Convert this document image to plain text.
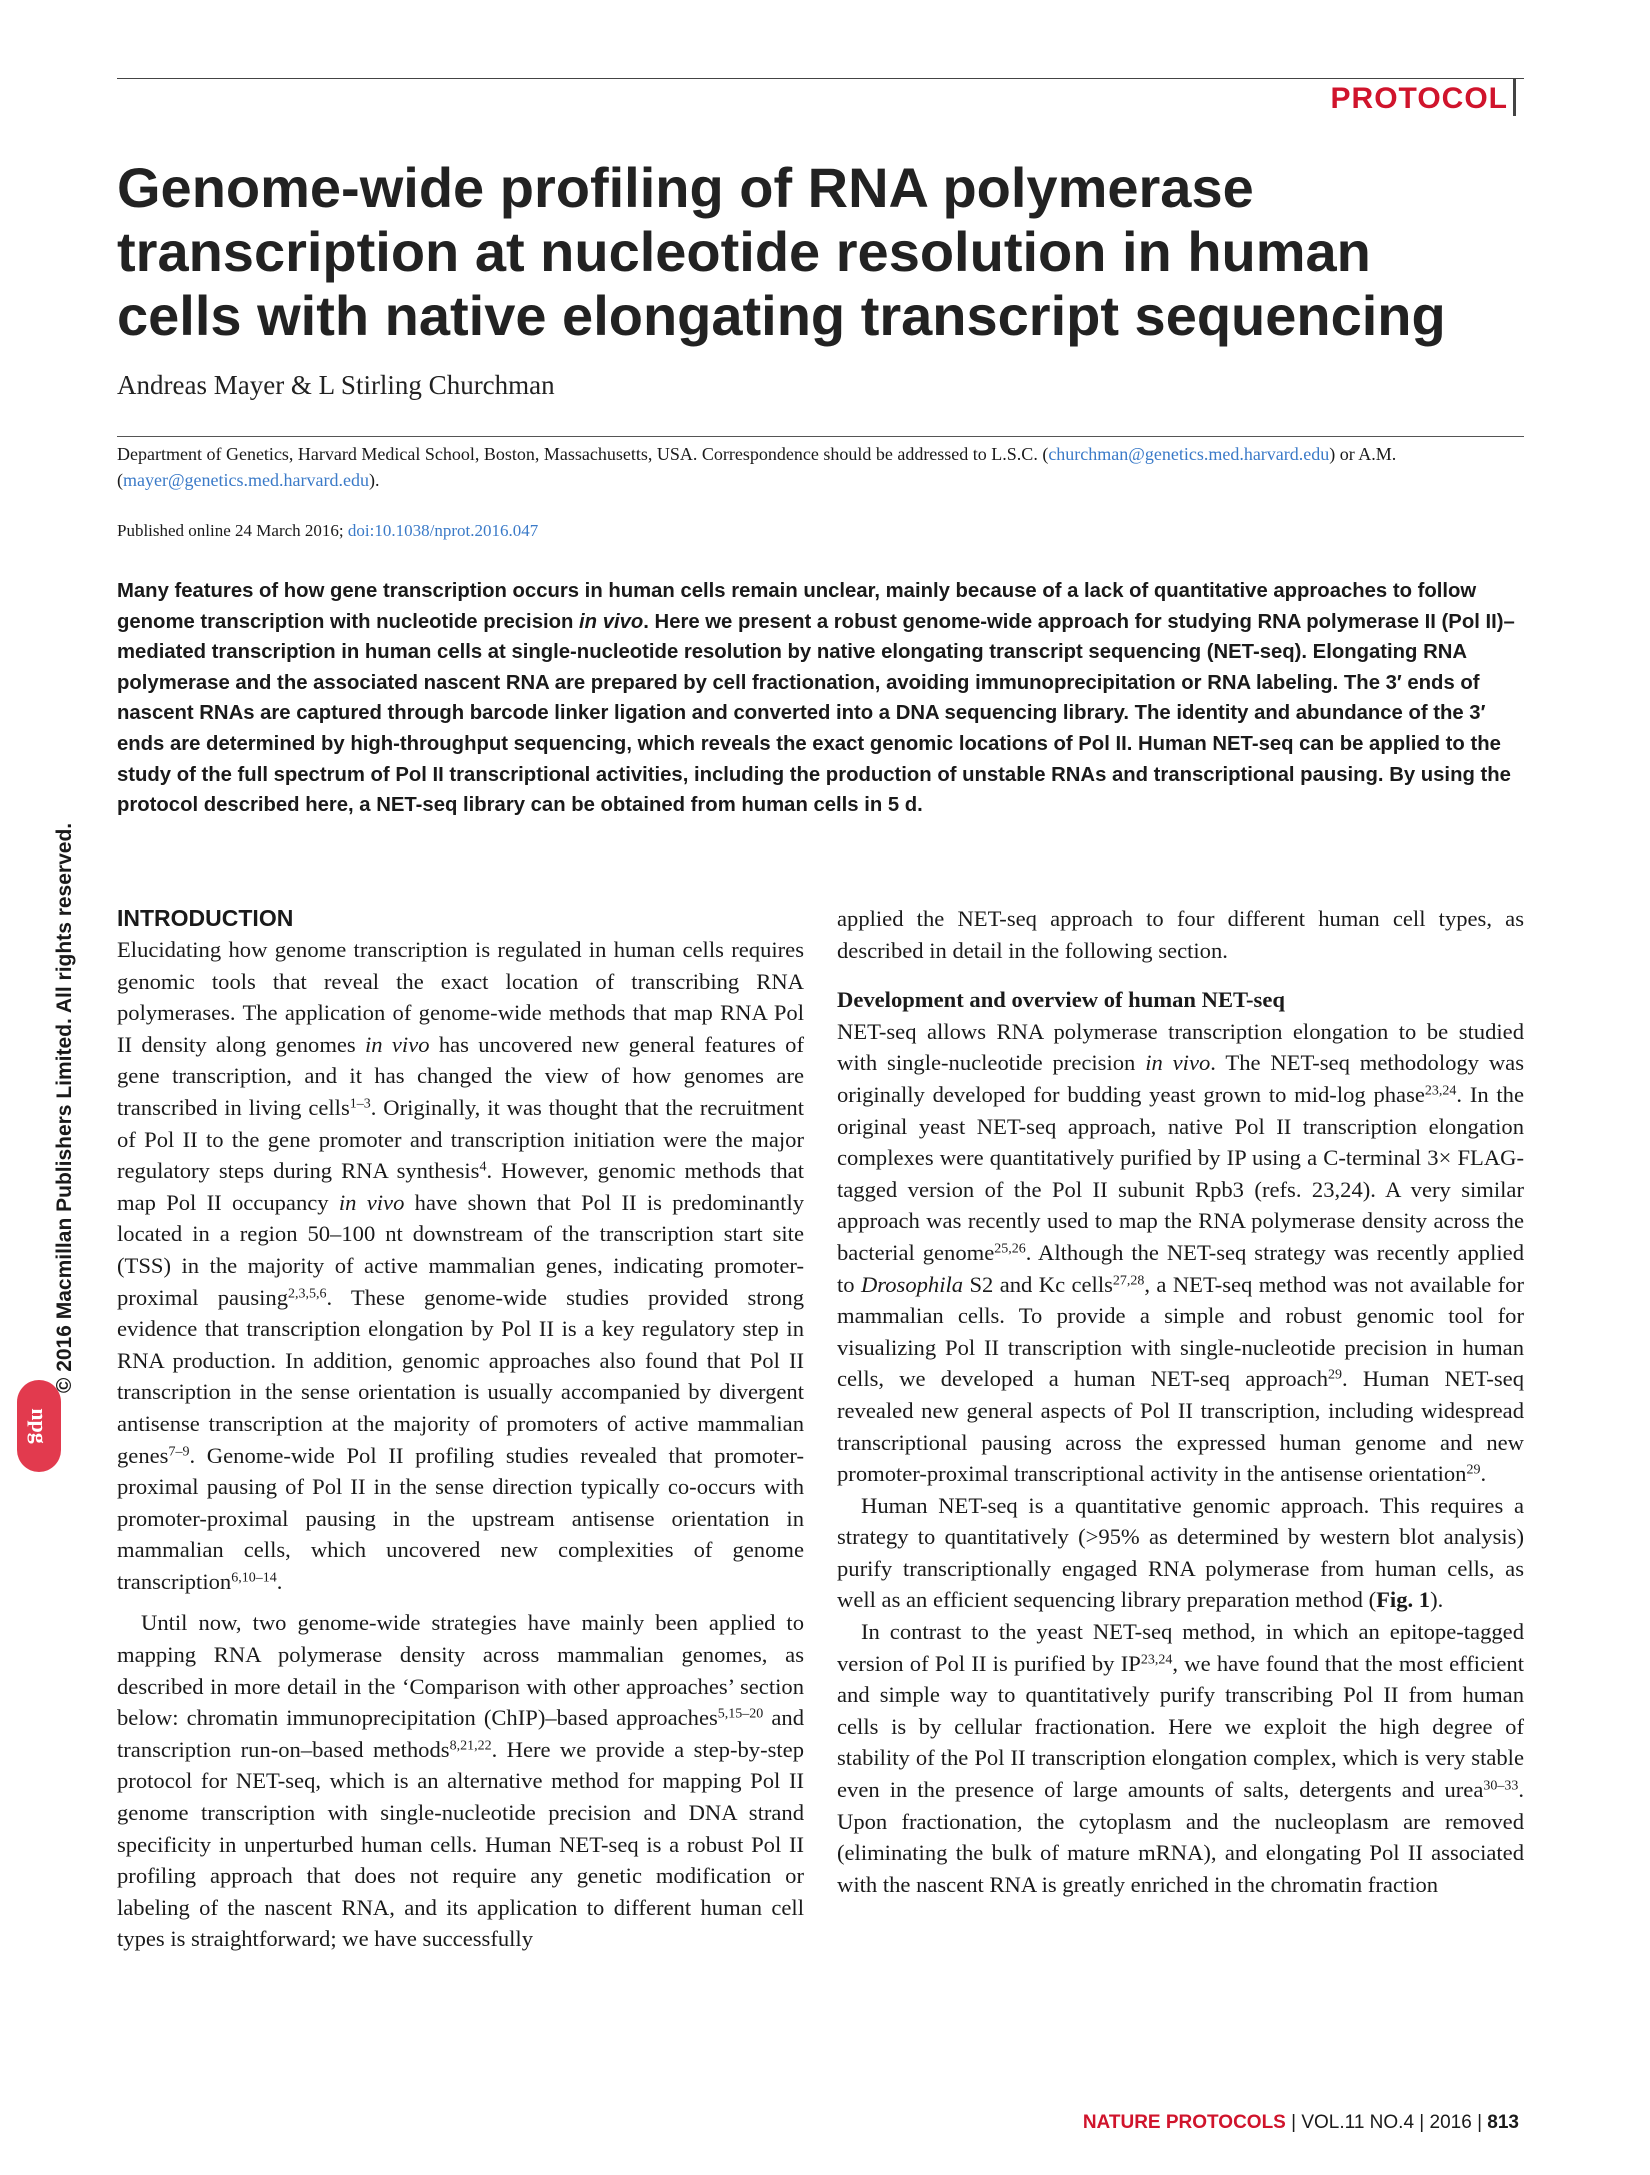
PROTOCOL
Genome-wide profiling of RNA polymerase
transcription at nucleotide resolution in human
cells with native elongating transcript sequencing
Andreas Mayer & L Stirling Churchman
Department of Genetics, Harvard Medical School, Boston, Massachusetts, USA. Correspondence should be addressed to L.S.C. (churchman@genetics.med.harvard.edu) or A.M. (mayer@genetics.med.harvard.edu).
Published online 24 March 2016; doi:10.1038/nprot.2016.047

Many features of how gene transcription occurs in human cells remain unclear, mainly because of a lack of quantitative approaches to follow genome transcription with nucleotide precision in vivo. Here we present a robust genome-wide approach for studying RNA polymerase II (Pol II)–mediated transcription in human cells at single-nucleotide resolution by native elongating transcript sequencing (NET-seq). Elongating RNA polymerase and the associated nascent RNA are prepared by cell fractionation, avoiding immunoprecipitation or RNA labeling. The 3′ ends of nascent RNAs are captured through barcode linker ligation and converted into a DNA sequencing library. The identity and abundance of the 3′ ends are determined by high-throughput sequencing, which reveals the exact genomic locations of Pol II. Human NET-seq can be applied to the study of the full spectrum of Pol II transcriptional activities, including the production of unstable RNAs and transcriptional pausing. By using the protocol described here, a NET-seq library can be obtained from human cells in 5 d.

INTRODUCTION

Elucidating how genome transcription is regulated in human cells requires genomic tools that reveal the exact location of transcribing RNA polymerases. The application of genome-wide methods that map RNA Pol II density along genomes in vivo has uncovered new general features of gene transcription, and it has changed the view of how genomes are transcribed in living cells$^{1-3}$. Originally, it was thought that the recruitment of Pol II to the gene promoter and transcription initiation were the major regulatory steps during RNA synthesis$^4$. However, genomic methods that map Pol II occupancy in vivo have shown that Pol II is predominantly located in a region 50–100 nt downstream of the transcription start site (TSS) in the majority of active mammalian genes, indicating promoter-proximal pausing$^{2,3,5,6}$. These genome-wide studies provided strong evidence that transcription elongation by Pol II is a key regulatory step in RNA production. In addition, genomic approaches also found that Pol II transcription in the sense orientation is usually accompanied by divergent antisense transcription at the majority of promoters of active mammalian genes$^{7-9}$. Genome-wide Pol II profiling studies revealed that promoter-proximal pausing of Pol II in the sense direction typically co-occurs with promoter-proximal pausing in the upstream antisense orientation in mammalian cells, which uncovered new complexities of genome transcription$^{6,10-14}$.

Until now, two genome-wide strategies have mainly been applied to mapping RNA polymerase density across mammalian genomes, as described in more detail in the ‘Comparison with other approaches’ section below: chromatin immunoprecipitation (ChIP)–based approaches$^{5,15-20}$ and transcription run-on–based methods$^{8,21,22}$. Here we provide a step-by-step protocol for NET-seq, which is an alternative method for mapping Pol II genome transcription with single-nucleotide precision and DNA strand specificity in unperturbed human cells. Human NET-seq is a robust Pol II profiling approach that does not require any genetic modification or labeling of the nascent RNA, and its application to different human cell types is straightforward; we have successfully

applied the NET-seq approach to four different human cell types, as described in detail in the following section.

Development and overview of human NET-seq

NET-seq allows RNA polymerase transcription elongation to be studied with single-nucleotide precision in vivo. The NET-seq methodology was originally developed for budding yeast grown to mid-log phase$^{23,24}$. In the original yeast NET-seq approach, native Pol II transcription elongation complexes were quantitatively purified by IP using a C-terminal 3× FLAG-tagged version of the Pol II subunit Rpb3 (refs. 23,24). A very similar approach was recently used to map the RNA polymerase density across the bacterial genome$^{25,26}$. Although the NET-seq strategy was recently applied to Drosophila S2 and Kc cells$^{27,28}$, a NET-seq method was not available for mammalian cells. To provide a simple and robust genomic tool for visualizing Pol II transcription with single-nucleotide precision in human cells, we developed a human NET-seq approach$^{29}$. Human NET-seq revealed new general aspects of Pol II transcription, including widespread transcriptional pausing across the expressed human genome and new promoter-proximal transcriptional activity in the antisense orientation$^{29}$.

Human NET-seq is a quantitative genomic approach. This requires a strategy to quantitatively (>95% as determined by western blot analysis) purify transcriptionally engaged RNA polymerase from human cells, as well as an efficient sequencing library preparation method (Fig. 1).

In contrast to the yeast NET-seq method, in which an epitope-tagged version of Pol II is purified by IP$^{23,24}$, we have found that the most efficient and simple way to quantitatively purify transcribing Pol II from human cells is by cellular fractionation. Here we exploit the high degree of stability of the Pol II transcription elongation complex, which is very stable even in the presence of large amounts of salts, detergents and urea$^{30-33}$. Upon fractionation, the cytoplasm and the nucleoplasm are removed (eliminating the bulk of mature mRNA), and elongating Pol II associated with the nascent RNA is greatly enriched in the chromatin fraction

© 2016 Macmillan Publishers Limited. All rights reserved.
npg
NATURE PROTOCOLS | VOL.11 NO.4 | 2016 | 813
